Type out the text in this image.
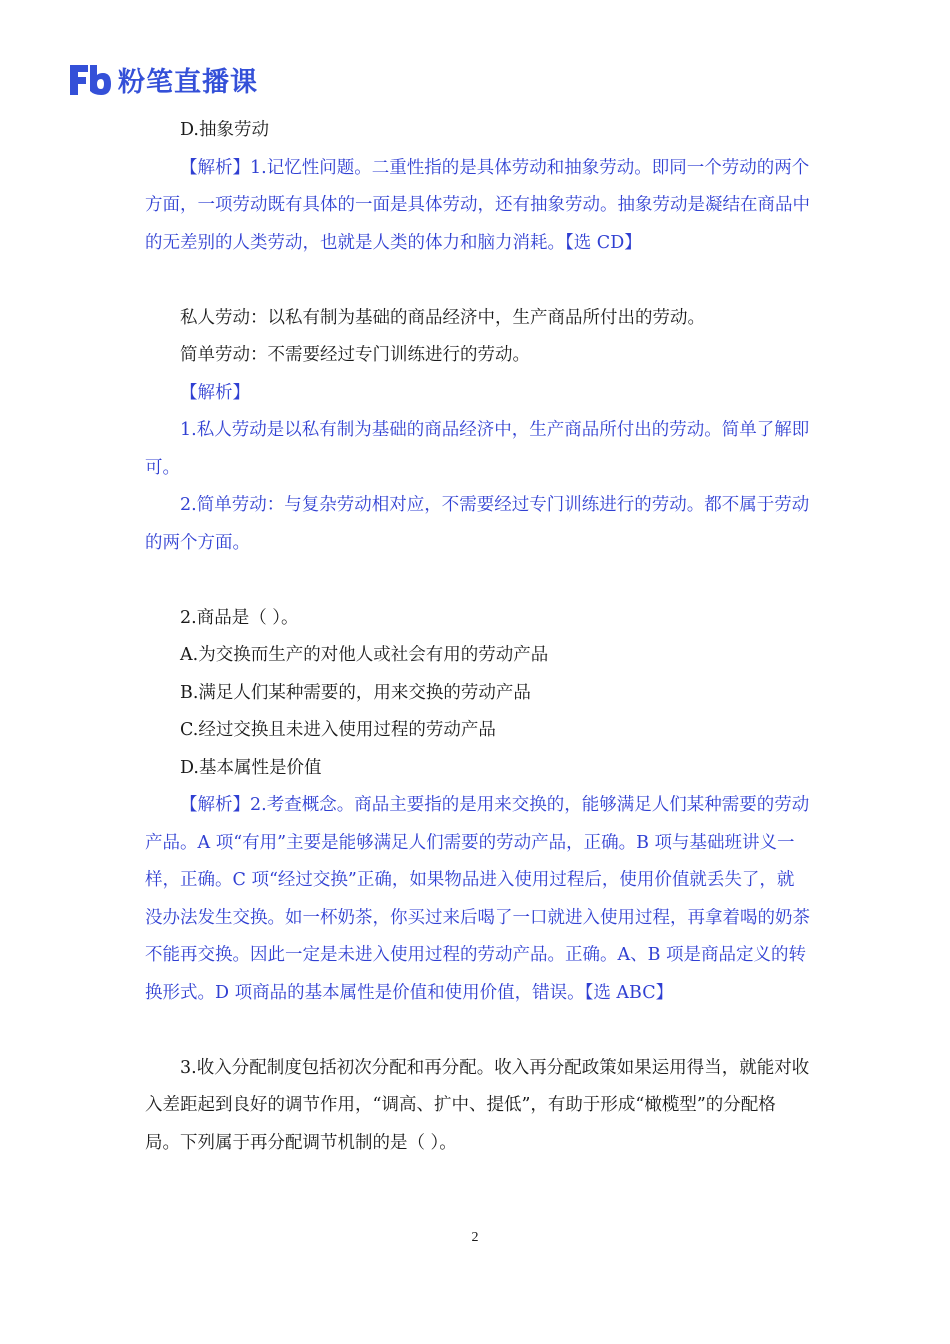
粉笔直播课

D.抽象劳动

【解析】1.记忆性问题。二重性指的是具体劳动和抽象劳动。即同一个劳动的两个方面，一项劳动既有具体的一面是具体劳动，还有抽象劳动。抽象劳动是凝结在商品中的无差别的人类劳动，也就是人类的体力和脑力消耗。【选 CD】

私人劳动：以私有制为基础的商品经济中，生产商品所付出的劳动。

简单劳动：不需要经过专门训练进行的劳动。

【解析】

1.私人劳动是以私有制为基础的商品经济中，生产商品所付出的劳动。简单了解即可。

2.简单劳动：与复杂劳动相对应，不需要经过专门训练进行的劳动。都不属于劳动的两个方面。

2.商品是（ ）。

A.为交换而生产的对他人或社会有用的劳动产品

B.满足人们某种需要的，用来交换的劳动产品

C.经过交换且未进入使用过程的劳动产品

D.基本属性是价值

【解析】2.考查概念。商品主要指的是用来交换的，能够满足人们某种需要的劳动产品。A 项“有用”主要是能够满足人们需要的劳动产品，正确。B 项与基础班讲义一样，正确。C 项“经过交换”正确，如果物品进入使用过程后，使用价值就丢失了，就没办法发生交换。如一杯奶茶，你买过来后喝了一口就进入使用过程，再拿着喝的奶茶不能再交换。因此一定是未进入使用过程的劳动产品。正确。A、B 项是商品定义的转换形式。D 项商品的基本属性是价值和使用价值，错误。【选 ABC】

3.收入分配制度包括初次分配和再分配。收入再分配政策如果运用得当，就能对收入差距起到良好的调节作用，“调高、扩中、提低”，有助于形成“橄榄型”的分配格局。下列属于再分配调节机制的是（ ）。

2
